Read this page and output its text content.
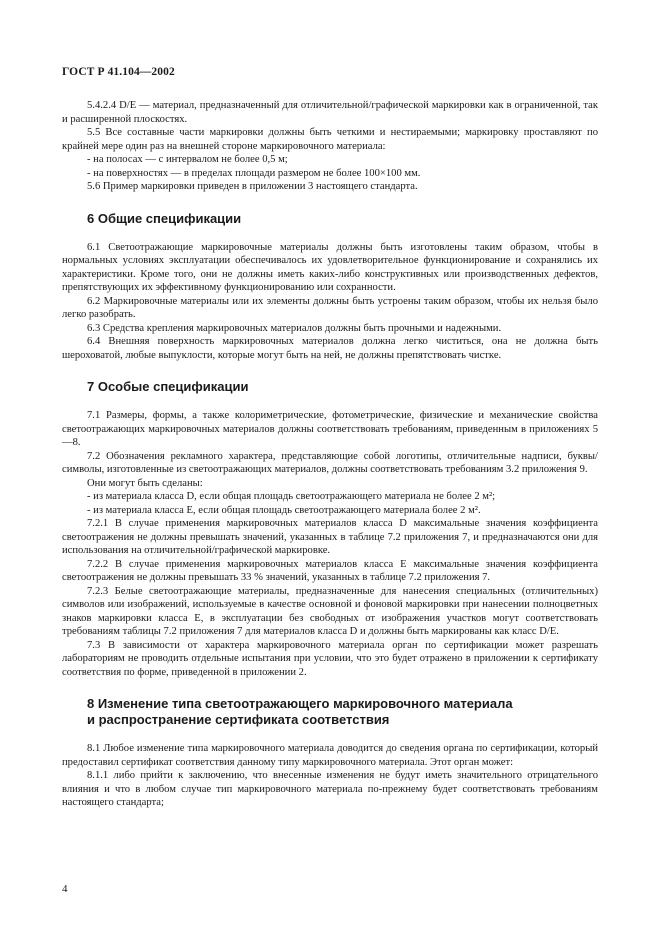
ГОСТ Р 41.104—2002

5.4.2.4 D/E — материал, предназначенный для отличительной/графической маркировки как в ограниченной, так и расширенной плоскостях.

5.5 Все составные части маркировки должны быть четкими и нестираемыми; маркировку проставляют по крайней мере один раз на внешней стороне маркировочного материала:

- на полосах — с интервалом не более 0,5 м;

- на поверхностях — в пределах площади размером не более 100×100 мм.

5.6 Пример маркировки приведен в приложении 3 настоящего стандарта.

6 Общие спецификации

6.1 Светоотражающие маркировочные материалы должны быть изготовлены таким образом, чтобы в нормальных условиях эксплуатации обеспечивалось их удовлетворительное функционирование и сохранялись их характеристики. Кроме того, они не должны иметь каких-либо конструктивных или производственных дефектов, препятствующих их эффективному функционированию или сохранности.

6.2 Маркировочные материалы или их элементы должны быть устроены таким образом, чтобы их нельзя было легко разобрать.

6.3 Средства крепления маркировочных материалов должны быть прочными и надежными.

6.4 Внешняя поверхность маркировочных материалов должна легко чиститься, она не должна быть шероховатой, любые выпуклости, которые могут быть на ней, не должны препятствовать чистке.

7 Особые спецификации

7.1 Размеры, формы, а также колориметрические, фотометрические, физические и механические свойства светоотражающих маркировочных материалов должны соответствовать требованиям, приведенным в приложениях 5—8.

7.2 Обозначения рекламного характера, представляющие собой логотипы, отличительные надписи, буквы/символы, изготовленные из светоотражающих материалов, должны соответствовать требованиям 3.2 приложения 9.

Они могут быть сделаны:

- из материала класса D, если общая площадь светоотражающего материала не более 2 м²;

- из материала класса E, если общая площадь светоотражающего материала более 2 м².

7.2.1 В случае применения маркировочных материалов класса D максимальные значения коэффициента светоотражения не должны превышать значений, указанных в таблице 7.2 приложения 7, и предназначаются они для использования на отличительной/графической маркировке.

7.2.2 В случае применения маркировочных материалов класса E максимальные значения коэффициента светоотражения не должны превышать 33 % значений, указанных в таблице 7.2 приложения 7.

7.2.3 Белые светоотражающие материалы, предназначенные для нанесения специальных (отличительных) символов или изображений, используемые в качестве основной и фоновой маркировки при нанесении полноцветных знаков маркировки класса E, в эксплуатации без свободных от изображения участков могут соответствовать требованиям таблицы 7.2 приложения 7 для материалов класса D и должны быть маркированы как класс D/E.

7.3 В зависимости от характера маркировочного материала орган по сертификации может разрешать лабораториям не проводить отдельные испытания при условии, что это будет отражено в приложении к сертификату соответствия по форме, приведенной в приложении 2.

8 Изменение типа светоотражающего маркировочного материала
и распространение сертификата соответствия

8.1 Любое изменение типа маркировочного материала доводится до сведения органа по сертификации, который предоставил сертификат соответствия данному типу маркировочного материала. Этот орган может:

8.1.1 либо прийти к заключению, что внесенные изменения не будут иметь значительного отрицательного влияния и что в любом случае тип маркировочного материала по-прежнему будет соответствовать требованиям настоящего стандарта;

4
